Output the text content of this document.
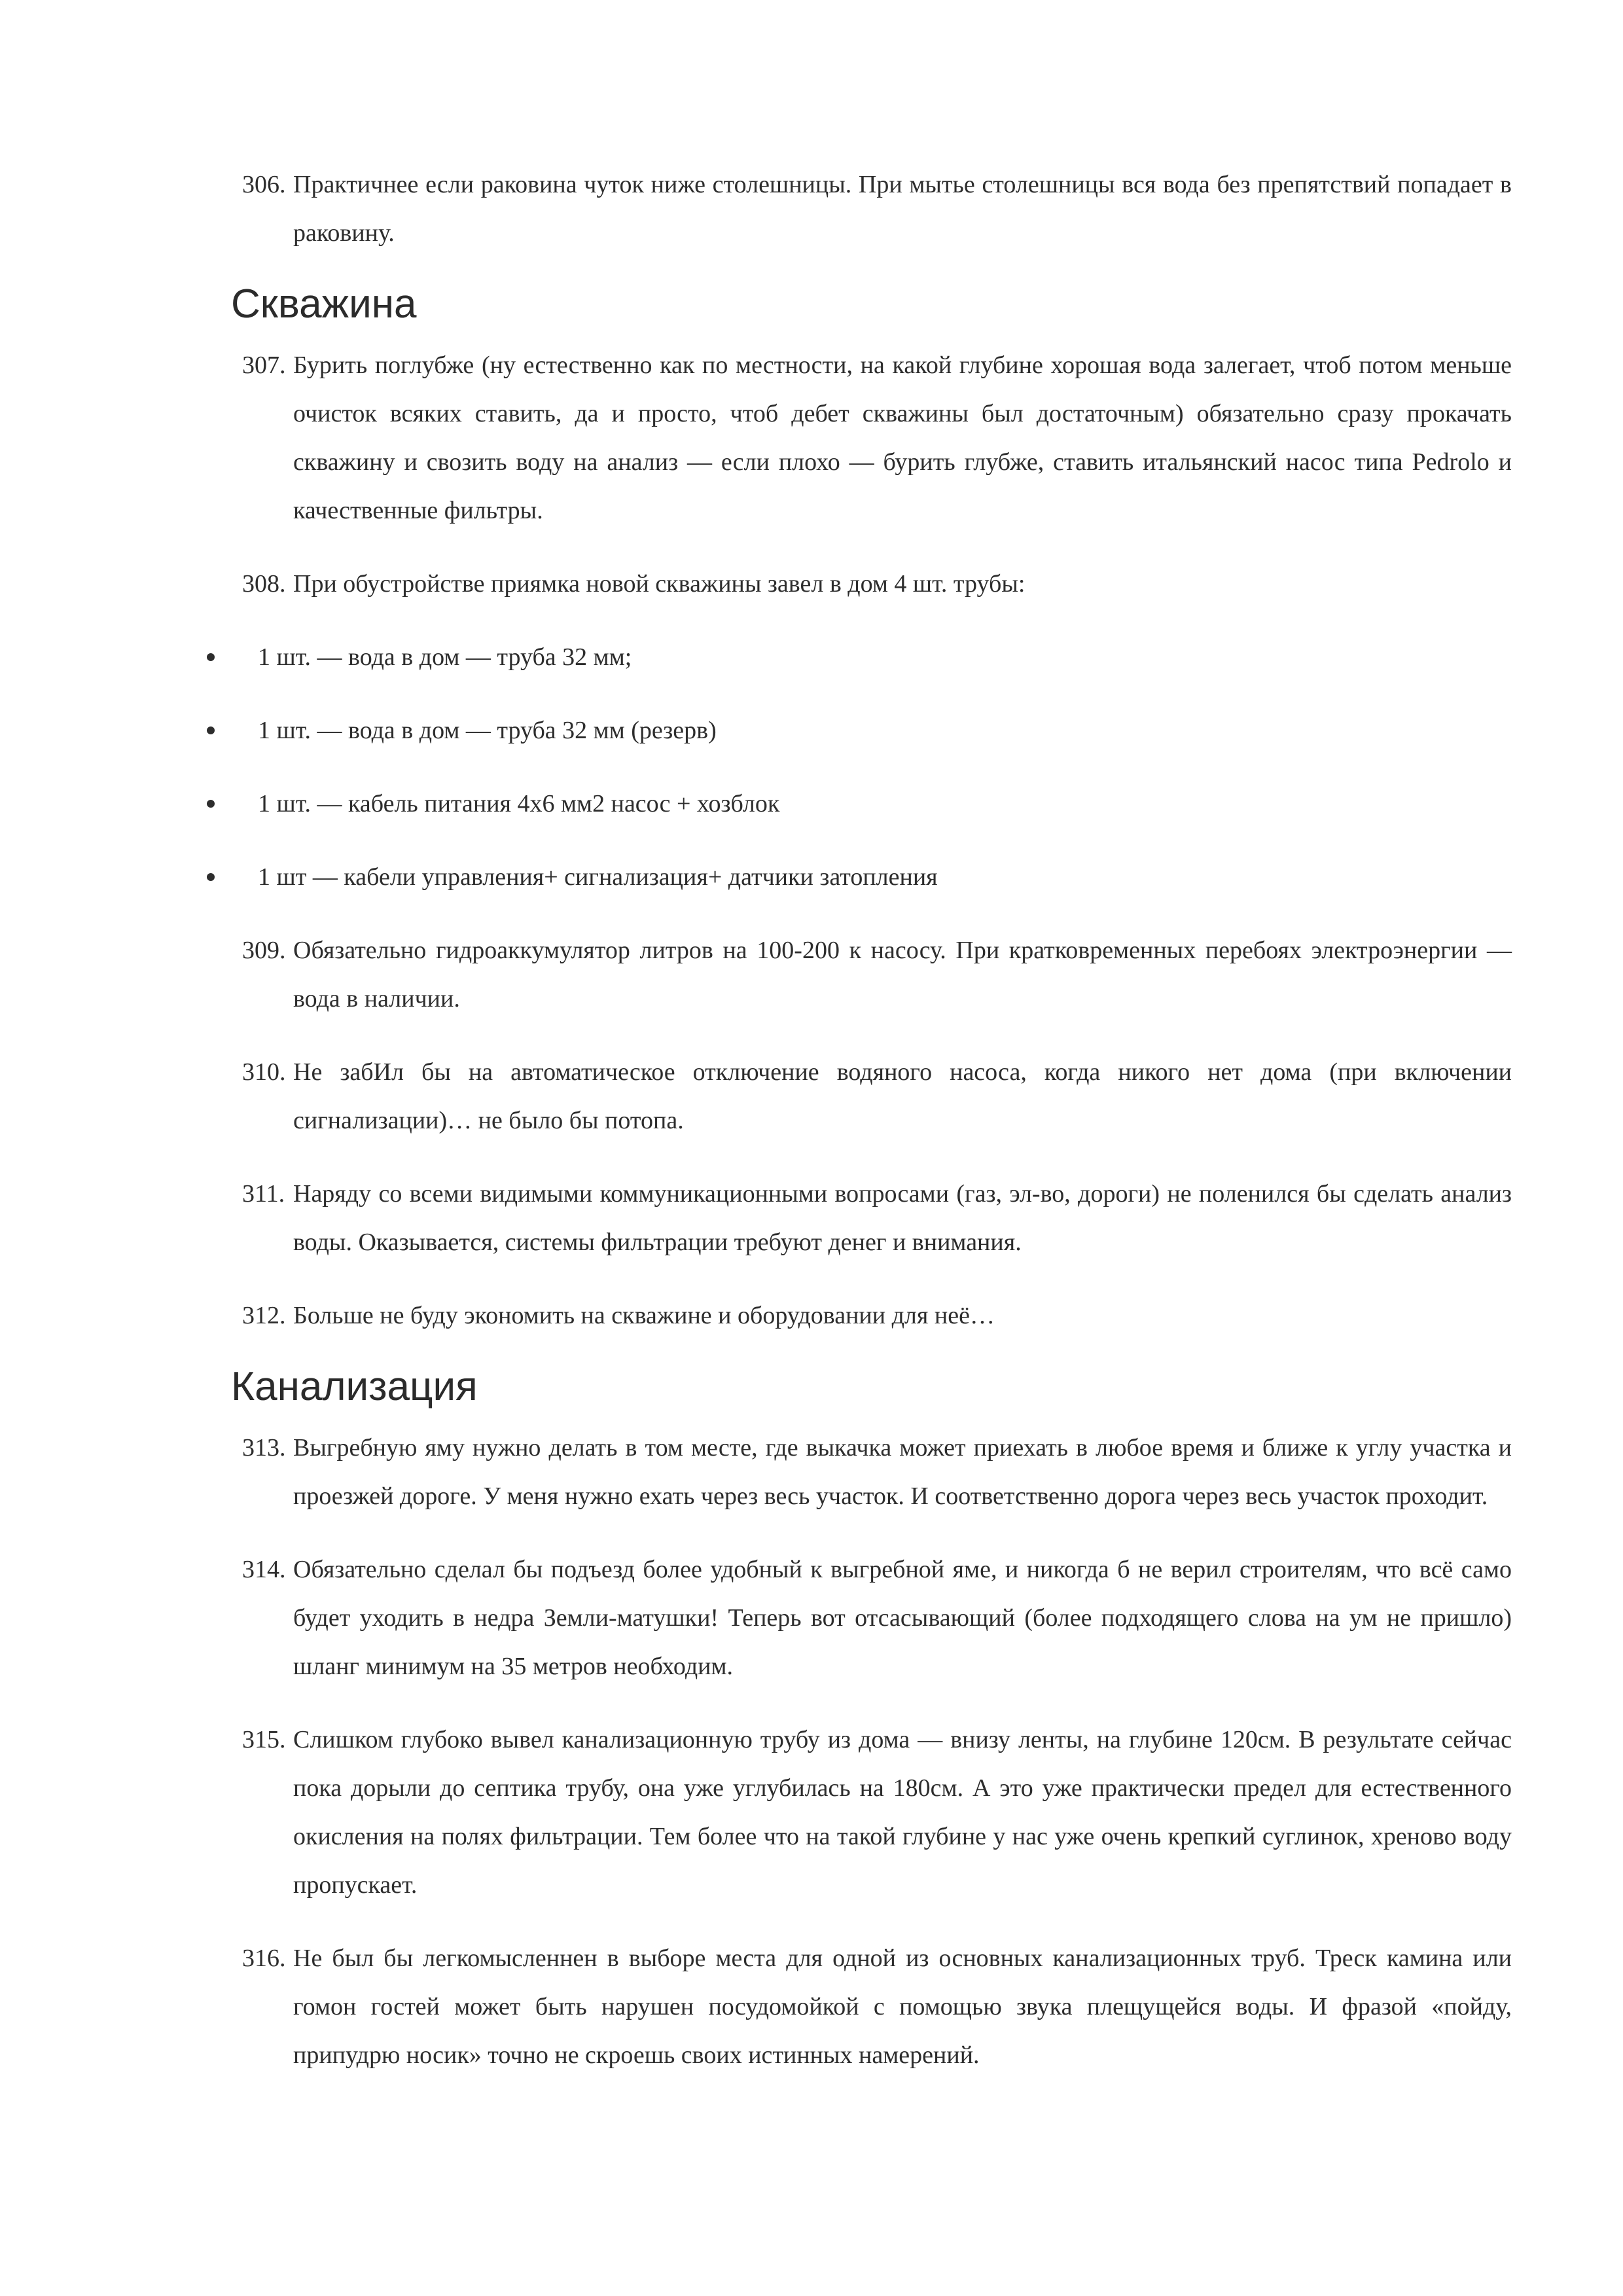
306. Практичнее если раковина чуток ниже столешницы. При мытье столешницы вся вода без препятствий попадает в раковину.
Скважина
307. Бурить поглубже (ну естественно как по местности, на какой глубине хорошая вода залегает, чтоб потом меньше очисток всяких ставить, да и просто, чтоб дебет скважины был достаточным) обязательно сразу прокачать скважину и свозить воду на анализ — если плохо — бурить глубже, ставить итальянский насос типа Pedrolo и качественные фильтры.
308. При обустройстве приямка новой скважины завел в дом 4 шт. трубы:
1 шт. — вода в дом — труба 32 мм;
1 шт. — вода в дом — труба 32 мм (резерв)
1 шт. — кабель питания 4х6 мм2 насос + хозблок
1 шт — кабели управления+ сигнализация+ датчики затопления
309. Обязательно гидроаккумулятор литров на 100-200 к насосу. При кратковременных перебоях электроэнергии — вода в наличии.
310. Не забИл бы на автоматическое отключение водяного насоса, когда никого нет дома (при включении сигнализации)… не было бы потопа.
311. Наряду со всеми видимыми коммуникационными вопросами (газ, эл-во, дороги) не поленился бы сделать анализ воды. Оказывается, системы фильтрации требуют денег и внимания.
312. Больше не буду экономить на скважине и оборудовании для неё…
Канализация
313. Выгребную яму нужно делать в том месте, где выкачка может приехать в любое время и ближе к углу участка и проезжей дороге. У меня нужно ехать через весь участок. И соответственно дорога через весь участок проходит.
314. Обязательно сделал бы подъезд более удобный к выгребной яме, и никогда б не верил строителям, что всё само будет уходить в недра Земли-матушки! Теперь вот отсасывающий (более подходящего слова на ум не пришло) шланг минимум на 35 метров необходим.
315. Слишком глубоко вывел канализационную трубу из дома — внизу ленты, на глубине 120см. В результате сейчас пока дорыли до септика трубу, она уже углубилась на 180см. А это уже практически предел для естественного окисления на полях фильтрации. Тем более что на такой глубине у нас уже очень крепкий суглинок, хреново воду пропускает.
316. Не был бы легкомысленнен в выборе места для одной из основных канализационных труб. Треск камина или гомон гостей может быть нарушен посудомойкой с помощью звука плещущейся воды. И фразой «пойду, припудрю носик» точно не скроешь своих истинных намерений.
